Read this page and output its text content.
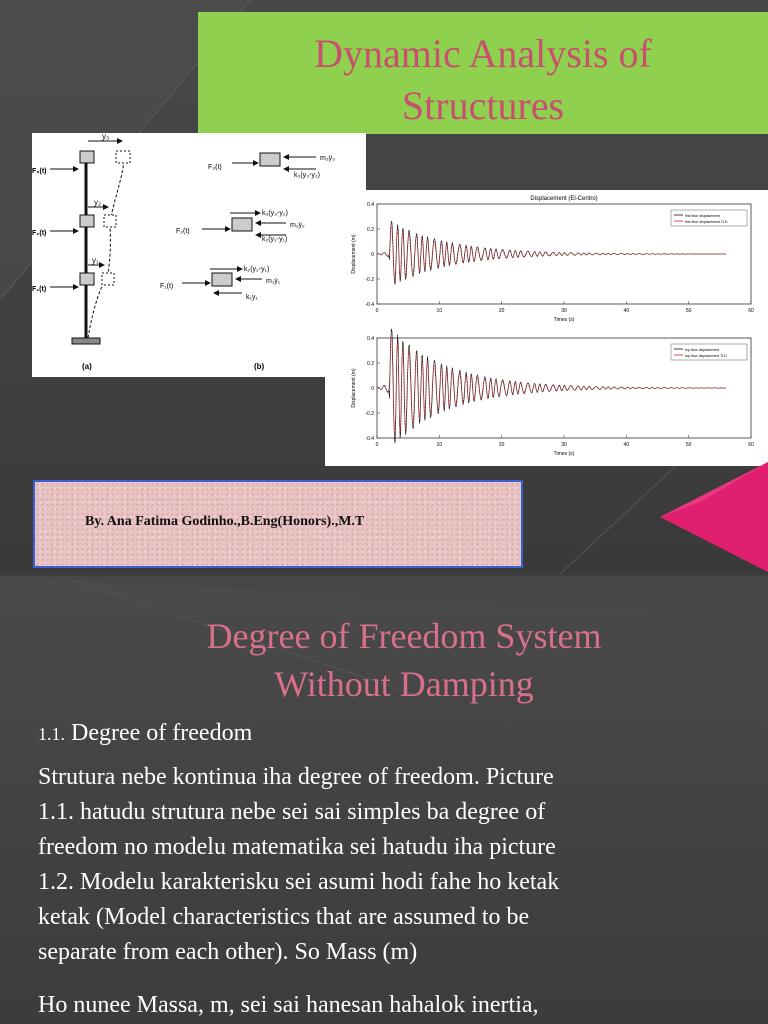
Dynamic Analysis of
Structures
y₃
y₂
y₁
F₃(t)
F₂(t)
F₁(t)
(a)
F₃(t)
m₃ÿ₃
k₃(y₃-y₂)
F₂(t)
k₃(y₃-y₂)
m₂ÿ₂
k₂(y₂-y₁)
F₁(t)
k₂(y₂-y₁)
m₁ÿ₁
k₁y₁
(b)
Displacement (El-Centro)
0.4
0.2
0
-0.2
-0.4
0	10	20	30	40	50	60
Times (s)
Displacement (m)
first floor displacement
first floor displacement TLD
0.4
0.2
0
-0.2
-0.4
0	10	20	30	40	50	60
Times (s)
Displacement (m)
top floor displacement
top floor displacement TLD
By. Ana Fatima Godinho.,B.Eng(Honors).,M.T
Degree of Freedom System
Without Damping
1.1. Degree of freedom
Strutura nebe kontinua iha degree of freedom. Picture
1.1. hatudu strutura nebe sei sai simples ba degree of
freedom no modelu matematika sei hatudu iha picture
1.2. Modelu karakterisku sei asumi hodi fahe ho ketak
ketak (Model characteristics that are assumed to be
separate from each other). So Mass (m)
Ho nunee Massa, m, sei sai hanesan hahalok inertia,
